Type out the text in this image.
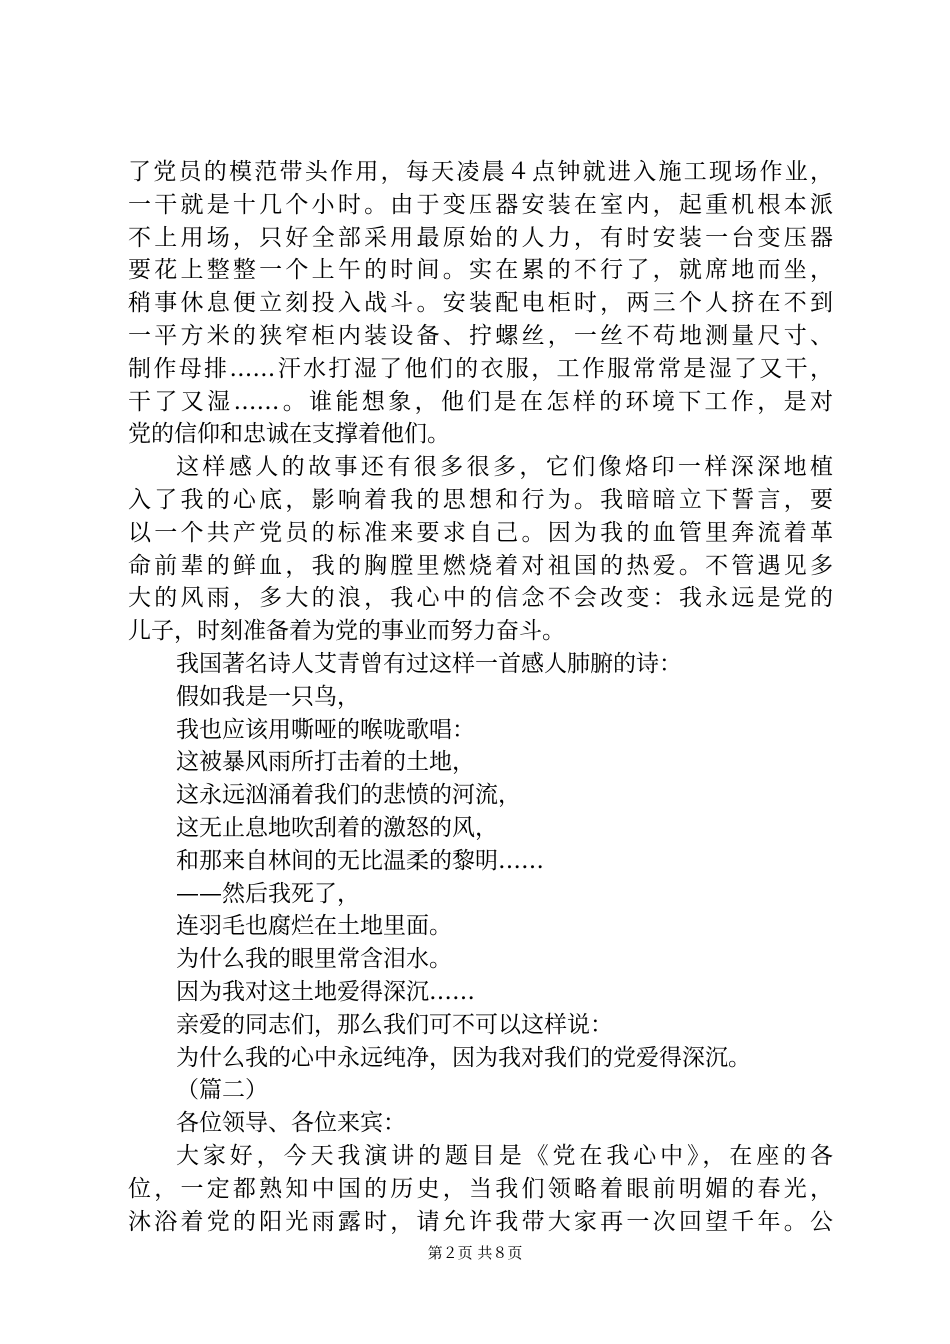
了党员的模范带头作用，每天凌晨４点钟就进入施工现场作业，
一干就是十几个小时。由于变压器安装在室内，起重机根本派
不上用场，只好全部采用最原始的人力，有时安装一台变压器
要花上整整一个上午的时间。实在累的不行了，就席地而坐，
稍事休息便立刻投入战斗。安装配电柜时，两三个人挤在不到
一平方米的狭窄柜内装设备、拧螺丝，一丝不苟地测量尺寸、
制作母排……汗水打湿了他们的衣服，工作服常常是湿了又干，
干了又湿……。谁能想象，他们是在怎样的环境下工作，是对
党的信仰和忠诚在支撑着他们。
这样感人的故事还有很多很多，它们像烙印一样深深地植
入了我的心底，影响着我的思想和行为。我暗暗立下誓言，要
以一个共产党员的标准来要求自己。因为我的血管里奔流着革
命前辈的鲜血，我的胸膛里燃烧着对祖国的热爱。不管遇见多
大的风雨，多大的浪，我心中的信念不会改变：我永远是党的
儿子，时刻准备着为党的事业而努力奋斗。
我国著名诗人艾青曾有过这样一首感人肺腑的诗：
假如我是一只鸟，
我也应该用嘶哑的喉咙歌唱：
这被暴风雨所打击着的土地，
这永远汹涌着我们的悲愤的河流，
这无止息地吹刮着的激怒的风，
和那来自林间的无比温柔的黎明……
——然后我死了，
连羽毛也腐烂在土地里面。
为什么我的眼里常含泪水。
因为我对这土地爱得深沉……
亲爱的同志们，那么我们可不可以这样说：
为什么我的心中永远纯净，因为我对我们的党爱得深沉。
（篇二）
各位领导、各位来宾：
大家好，今天我演讲的题目是《党在我心中》，在座的各
位，一定都熟知中国的历史，当我们领略着眼前明媚的春光，
沐浴着党的阳光雨露时，请允许我带大家再一次回望千年。公
第２页 共８页
